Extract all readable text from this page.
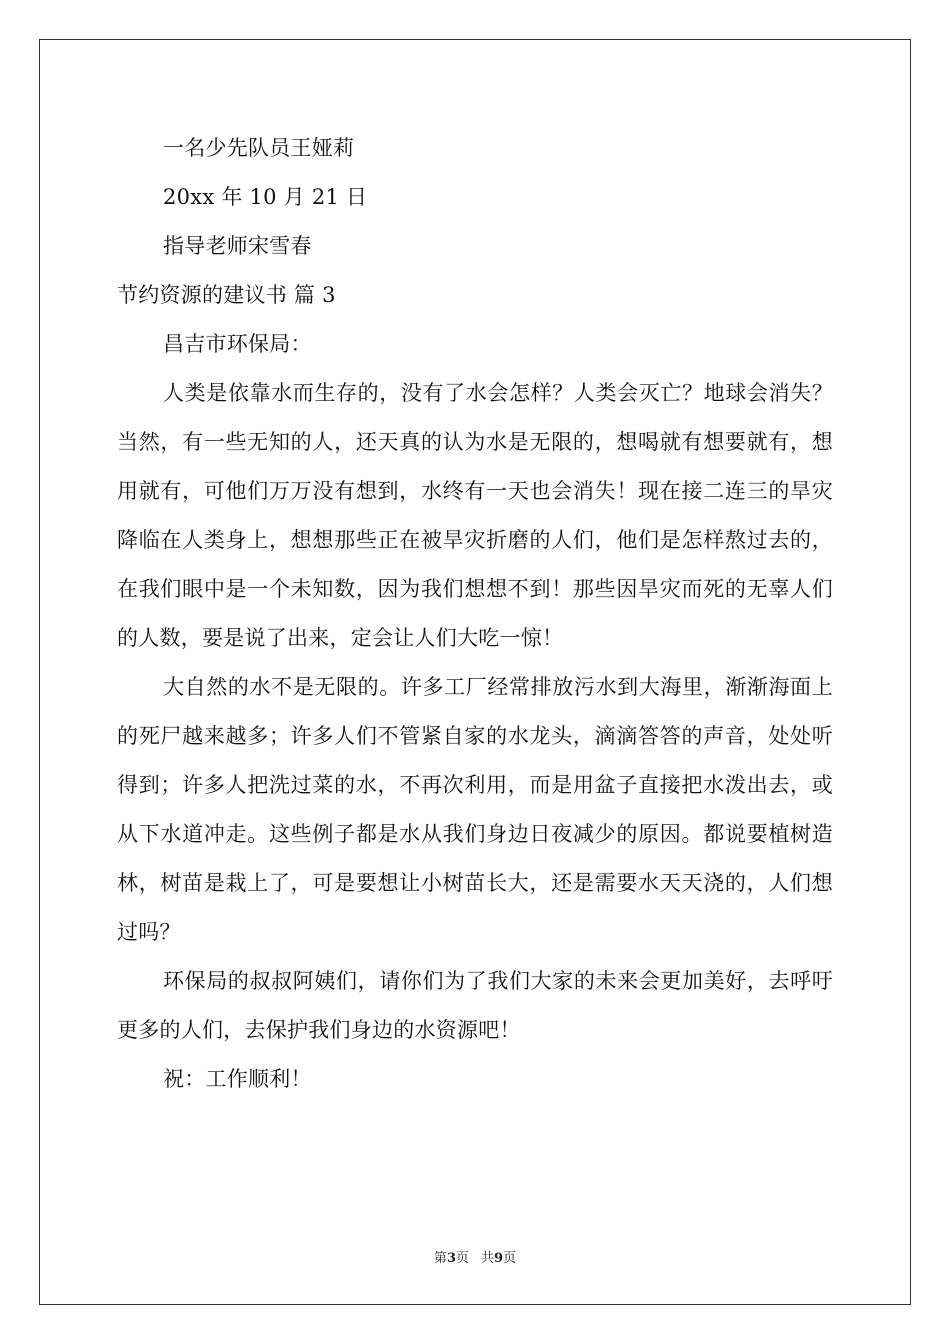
一名少先队员王娅莉
20xx 年 10 月 21 日
指导老师宋雪春
节约资源的建议书 篇 3
昌吉市环保局：
人类是依靠水而生存的，没有了水会怎样？人类会灭亡？地球会消失？当然，有一些无知的人，还天真的认为水是无限的，想喝就有想要就有，想用就有，可他们万万没有想到，水终有一天也会消失！现在接二连三的旱灾降临在人类身上，想想那些正在被旱灾折磨的人们，他们是怎样熬过去的，在我们眼中是一个未知数，因为我们想想不到！那些因旱灾而死的无辜人们的人数，要是说了出来，定会让人们大吃一惊！
大自然的水不是无限的。许多工厂经常排放污水到大海里，渐渐海面上的死尸越来越多；许多人们不管紧自家的水龙头，滴滴答答的声音，处处听得到；许多人把洗过菜的水，不再次利用，而是用盆子直接把水泼出去，或从下水道冲走。这些例子都是水从我们身边日夜减少的原因。都说要植树造林，树苗是栽上了，可是要想让小树苗长大，还是需要水天天浇的，人们想过吗？
环保局的叔叔阿姨们，请你们为了我们大家的未来会更加美好，去呼吁更多的人们，去保护我们身边的水资源吧！
祝：工作顺利！
第3页 共9页
